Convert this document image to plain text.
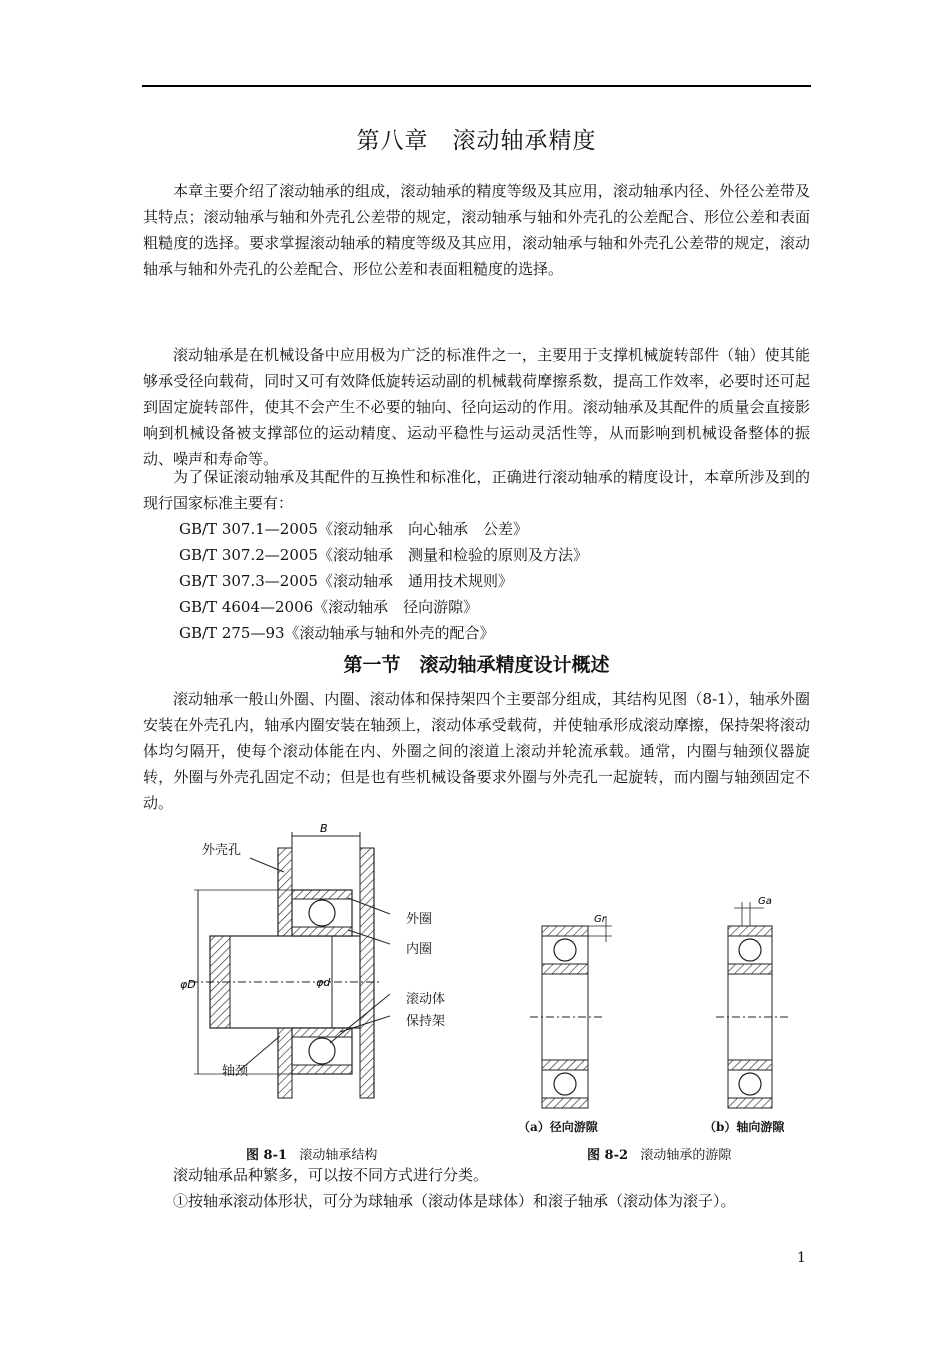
第八章　滚动轴承精度

本章主要介绍了滚动轴承的组成，滚动轴承的精度等级及其应用，滚动轴承内径、外径公差带及其特点；滚动轴承与轴和外壳孔公差带的规定，滚动轴承与轴和外壳孔的公差配合、形位公差和表面粗糙度的选择。要求掌握滚动轴承的精度等级及其应用，滚动轴承与轴和外壳孔公差带的规定，滚动轴承与轴和外壳孔的公差配合、形位公差和表面粗糙度的选择。

滚动轴承是在机械设备中应用极为广泛的标准件之一，主要用于支撑机械旋转部件（轴）使其能够承受径向载荷，同时又可有效降低旋转运动副的机械载荷摩擦系数，提高工作效率，必要时还可起到固定旋转部件，使其不会产生不必要的轴向、径向运动的作用。滚动轴承及其配件的质量会直接影响到机械设备被支撑部位的运动精度、运动平稳性与运动灵活性等，从而影响到机械设备整体的振动、噪声和寿命等。

为了保证滚动轴承及其配件的互换性和标准化，正确进行滚动轴承的精度设计，本章所涉及到的现行国家标准主要有：

GB/T 307.1—2005《滚动轴承　向心轴承　公差》
GB/T 307.2—2005《滚动轴承　测量和检验的原则及方法》
GB/T 307.3—2005《滚动轴承　通用技术规则》
GB/T 4604—2006《滚动轴承　径向游隙》
GB/T 275—93《滚动轴承与轴和外壳的配合》
第一节　滚动轴承精度设计概述

滚动轴承一般山外圈、内圈、滚动体和保持架四个主要部分组成，其结构见图（8-1），轴承外圈安装在外壳孔内，轴承内圈安装在轴颈上，滚动体承受载荷，并使轴承形成滚动摩擦，保持架将滚动体均匀隔开，使每个滚动体能在内、外圈之间的滚道上滚动并轮流承载。通常，内圈与轴颈仪器旋转，外圈与外壳孔固定不动；但是也有些机械设备要求外圈与外壳孔一起旋转，而内圈与轴颈固定不动。

B
φD	φd
外壳孔
外圈
内圈
滚动体
保持架
轴颈
图 8-1 滚动轴承结构
Gr
（a）径向游隙
Ga
（b）轴向游隙
图 8-2 滚动轴承的游隙

滚动轴承品种繁多，可以按不同方式进行分类。

①按轴承滚动体形状，可分为球轴承（滚动体是球体）和滚子轴承（滚动体为滚子）。

1
